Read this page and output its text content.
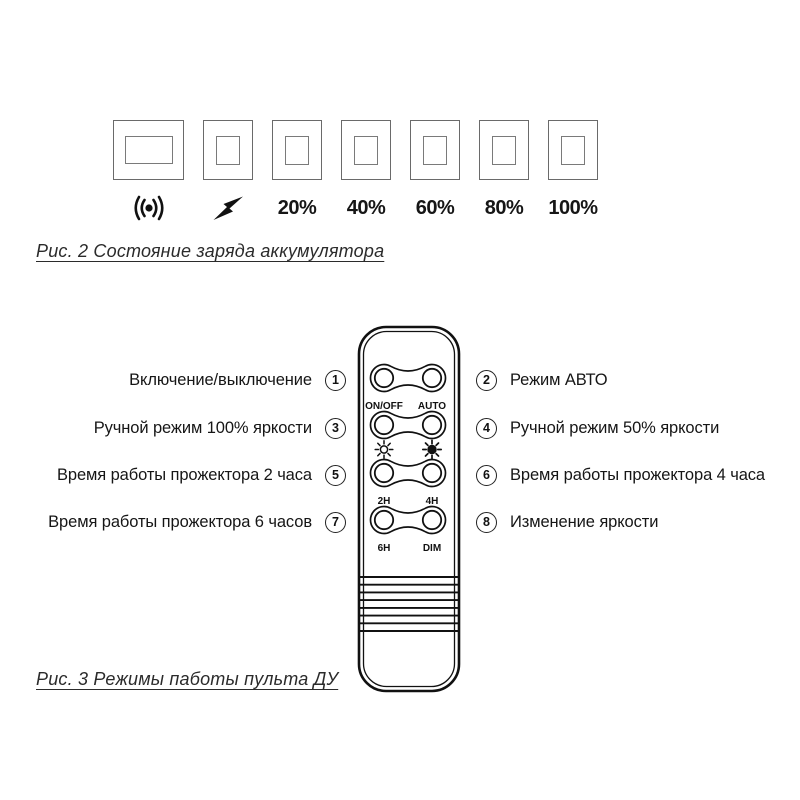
20% 40% 60% 80% 100%
Рис. 2 Состояние заряда аккумулятора
Включение/выключение	1
Ручной режим 100% яркости	3
Время работы прожектора 2 часа	5
Время работы прожектора 6 часов	7
2	Режим АВТО
4	Ручной режим 50% яркости
6	Время работы прожектора 4 часа
8	Изменение яркости
ON/OFF AUTO
2H	4H
6H	DIM
Рис. 3 Режимы паботы пульта ДУ
